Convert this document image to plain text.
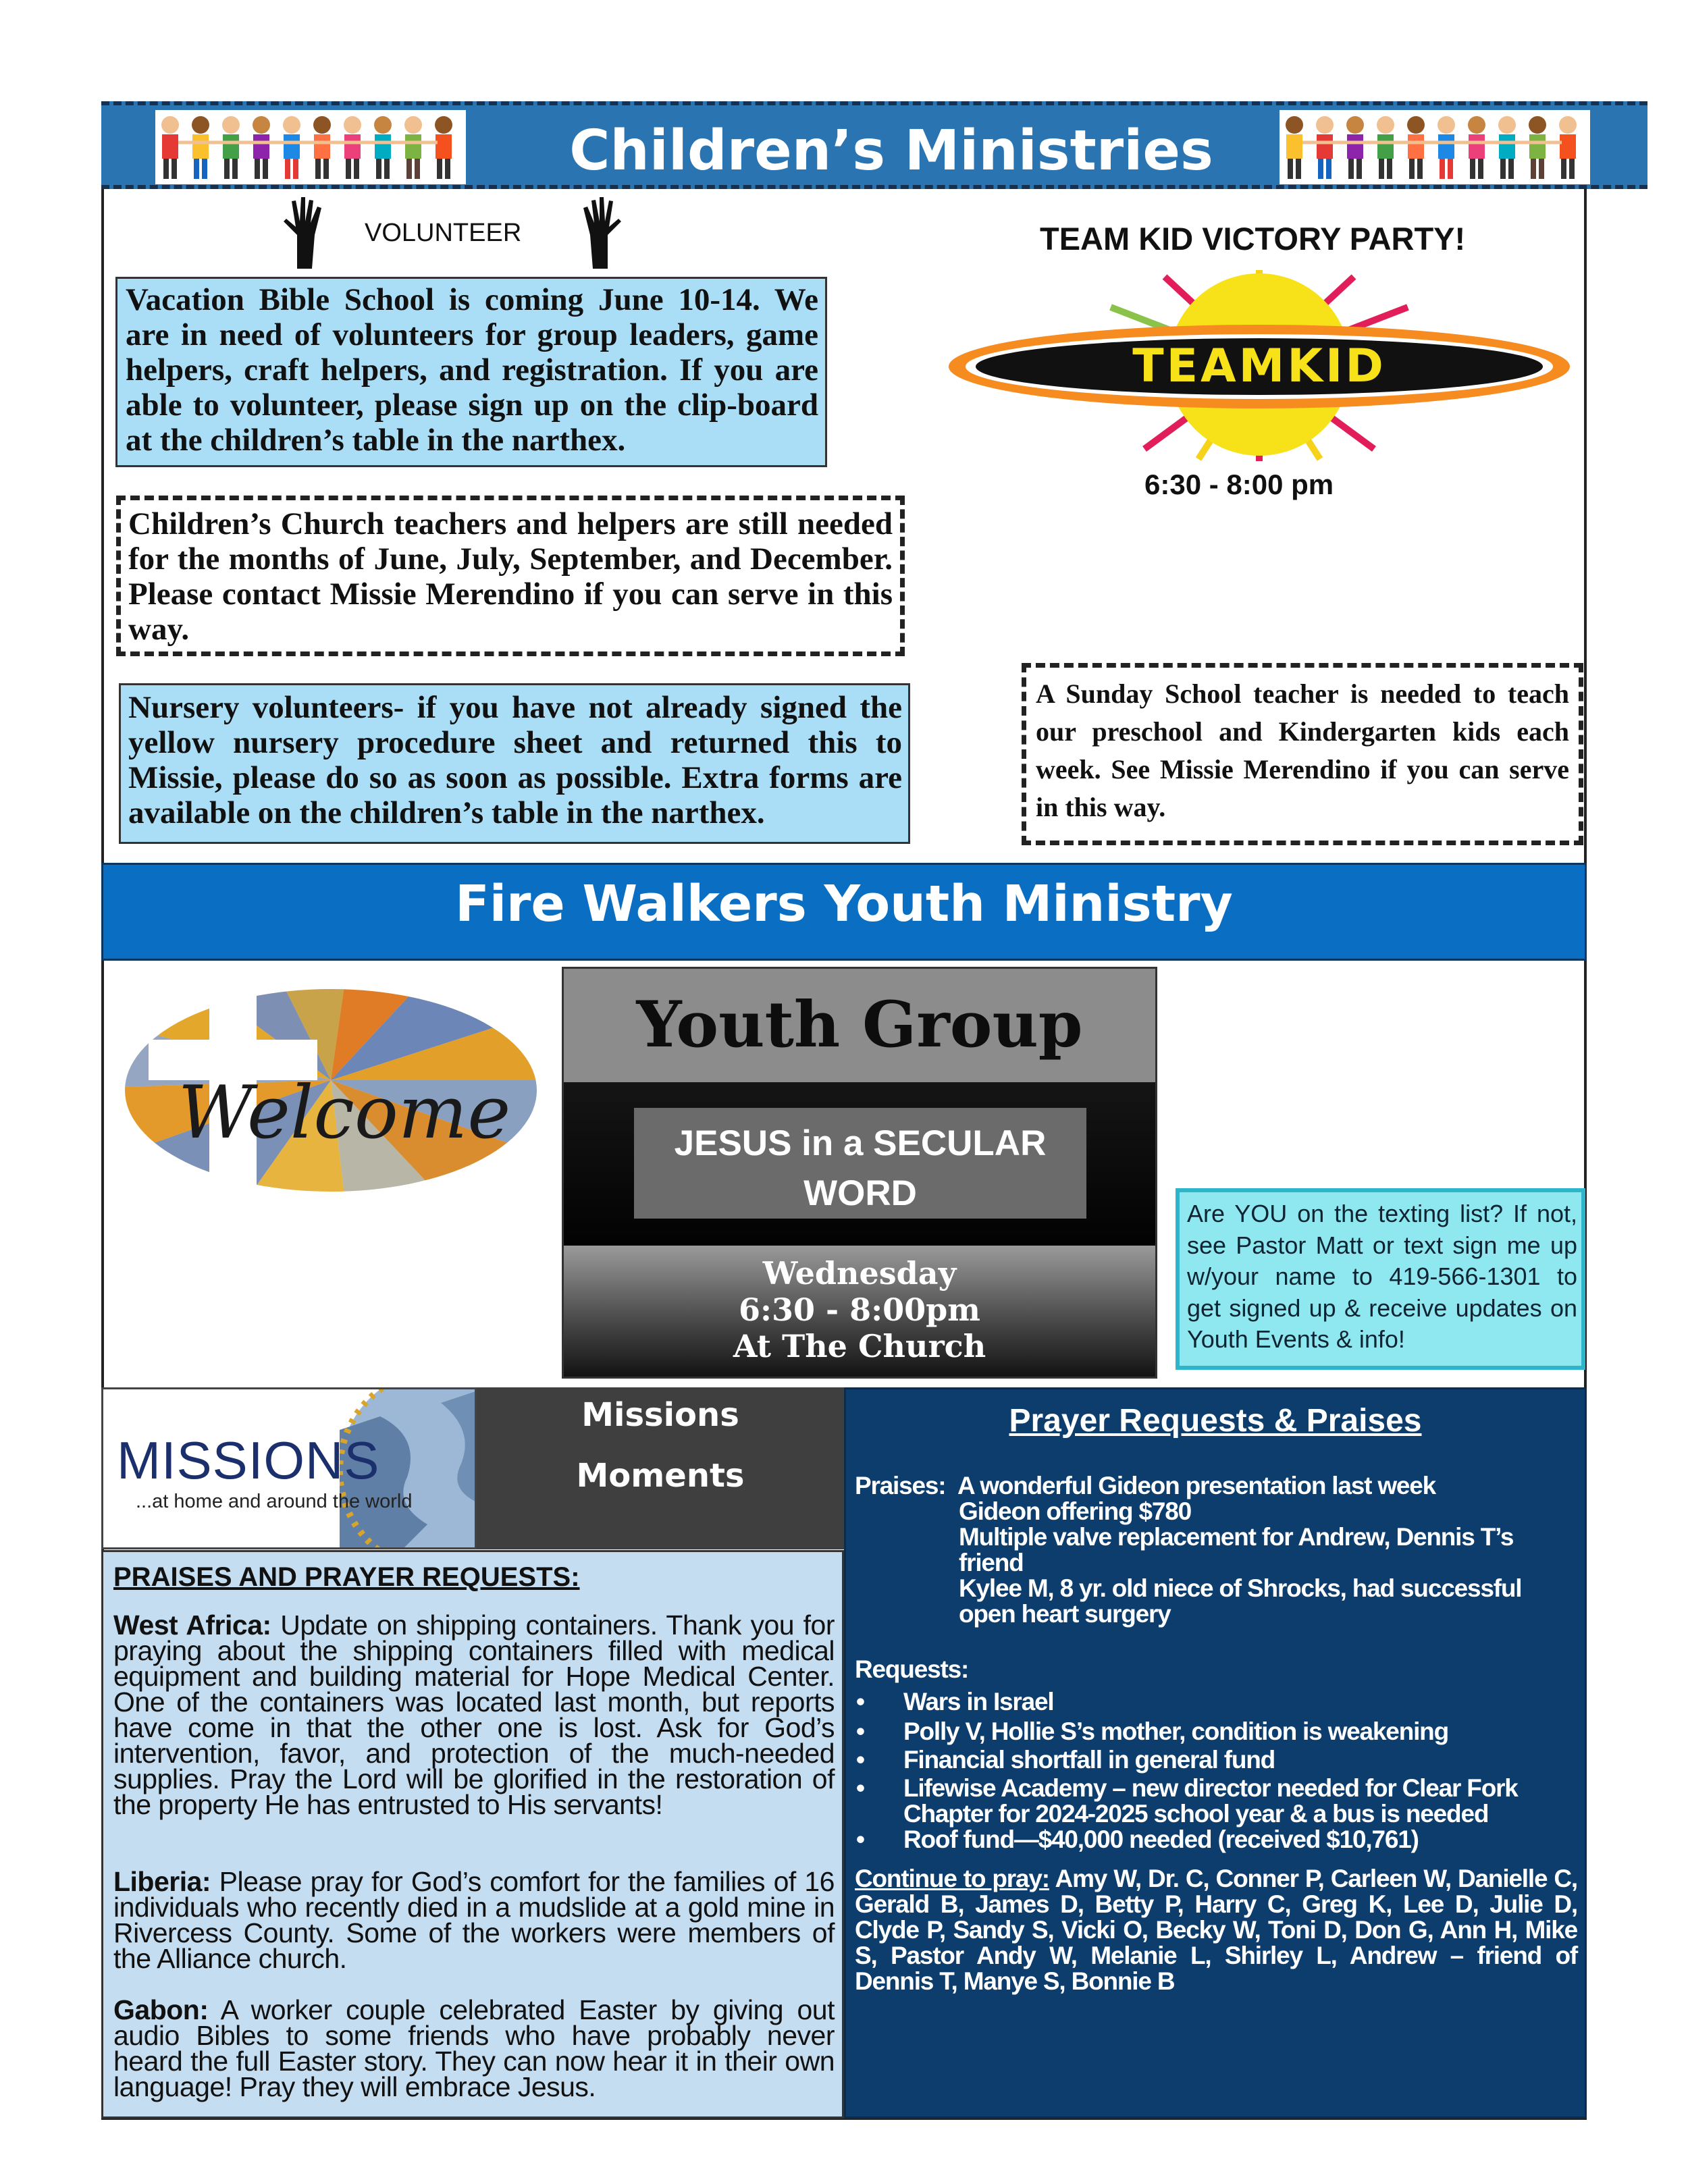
Children’s Ministries
VOLUNTEER
Vacation Bible School is coming June 10-14. We are in need of volunteers for group leaders, game helpers, craft helpers, and registration. If you are able to volunteer, please sign up on the clip-board at the children’s table in the narthex.
Children’s Church teachers and helpers are still needed for the months of June, July, September, and December. Please contact Missie Merendino if you can serve in this way.
Nursery volunteers- if you have not already signed the yellow nursery procedure sheet and returned this to Missie, please do so as soon as possible. Extra forms are available on the children’s table in the narthex.
TEAM KID VICTORY PARTY!
TEAMKID
6:30 - 8:00 pm
A Sunday School teacher is needed to teach our preschool and Kindergarten kids each week. See Missie Merendino if you can serve in this way.
Fire Walkers Youth Ministry
Welcome
Youth Group
JESUS in a SECULAR
WORD
Wednesday
6:30 - 8:00pm
At The Church
Are YOU on the texting list? If not, see Pastor Matt or text sign me up w/your name to 419-566-1301 to get signed up & receive updates on Youth Events & info!
MISSIONS
...at home and around the world
Missions
Moments
PRAISES AND PRAYER REQUESTS:
West Africa: Update on shipping containers. Thank you for praying about the shipping containers filled with medical equipment and building material for Hope Medical Center. One of the containers was located last month, but reports have come in that the other one is lost. Ask for God’s intervention, favor, and protection of the much-needed supplies. Pray the Lord will be glorified in the restoration of the property He has entrusted to His servants!
Liberia: Please pray for God’s comfort for the families of 16 individuals who recently died in a mudslide at a gold mine in Rivercess County. Some of the workers were members of the Alliance church.
Gabon: A worker couple celebrated Easter by giving out audio Bibles to some friends who have probably never heard the full Easter story. They can now hear it in their own language! Pray they will embrace Jesus.
Prayer Requests & Praises
Praises: A wonderful Gideon presentation last week
Gideon offering $780
Multiple valve replacement for Andrew, Dennis T’s friend
Kylee M, 8 yr. old niece of Shrocks, had successful open heart surgery
Requests:
• Wars in Israel
• Polly V, Hollie S’s mother, condition is weakening
• Financial shortfall in general fund
• Lifewise Academy – new director needed for Clear Fork Chapter for 2024-2025 school year & a bus is needed
• Roof fund—$40,000 needed (received $10,761)
Continue to pray: Amy W, Dr. C, Conner P, Carleen W, Danielle C, Gerald B, James D, Betty P, Harry C, Greg K, Lee D, Julie D, Clyde P, Sandy S, Vicki O, Becky W, Toni D, Don G, Ann H, Mike S, Pastor Andy W, Melanie L, Shirley L, Andrew – friend of Dennis T, Manye S, Bonnie B
